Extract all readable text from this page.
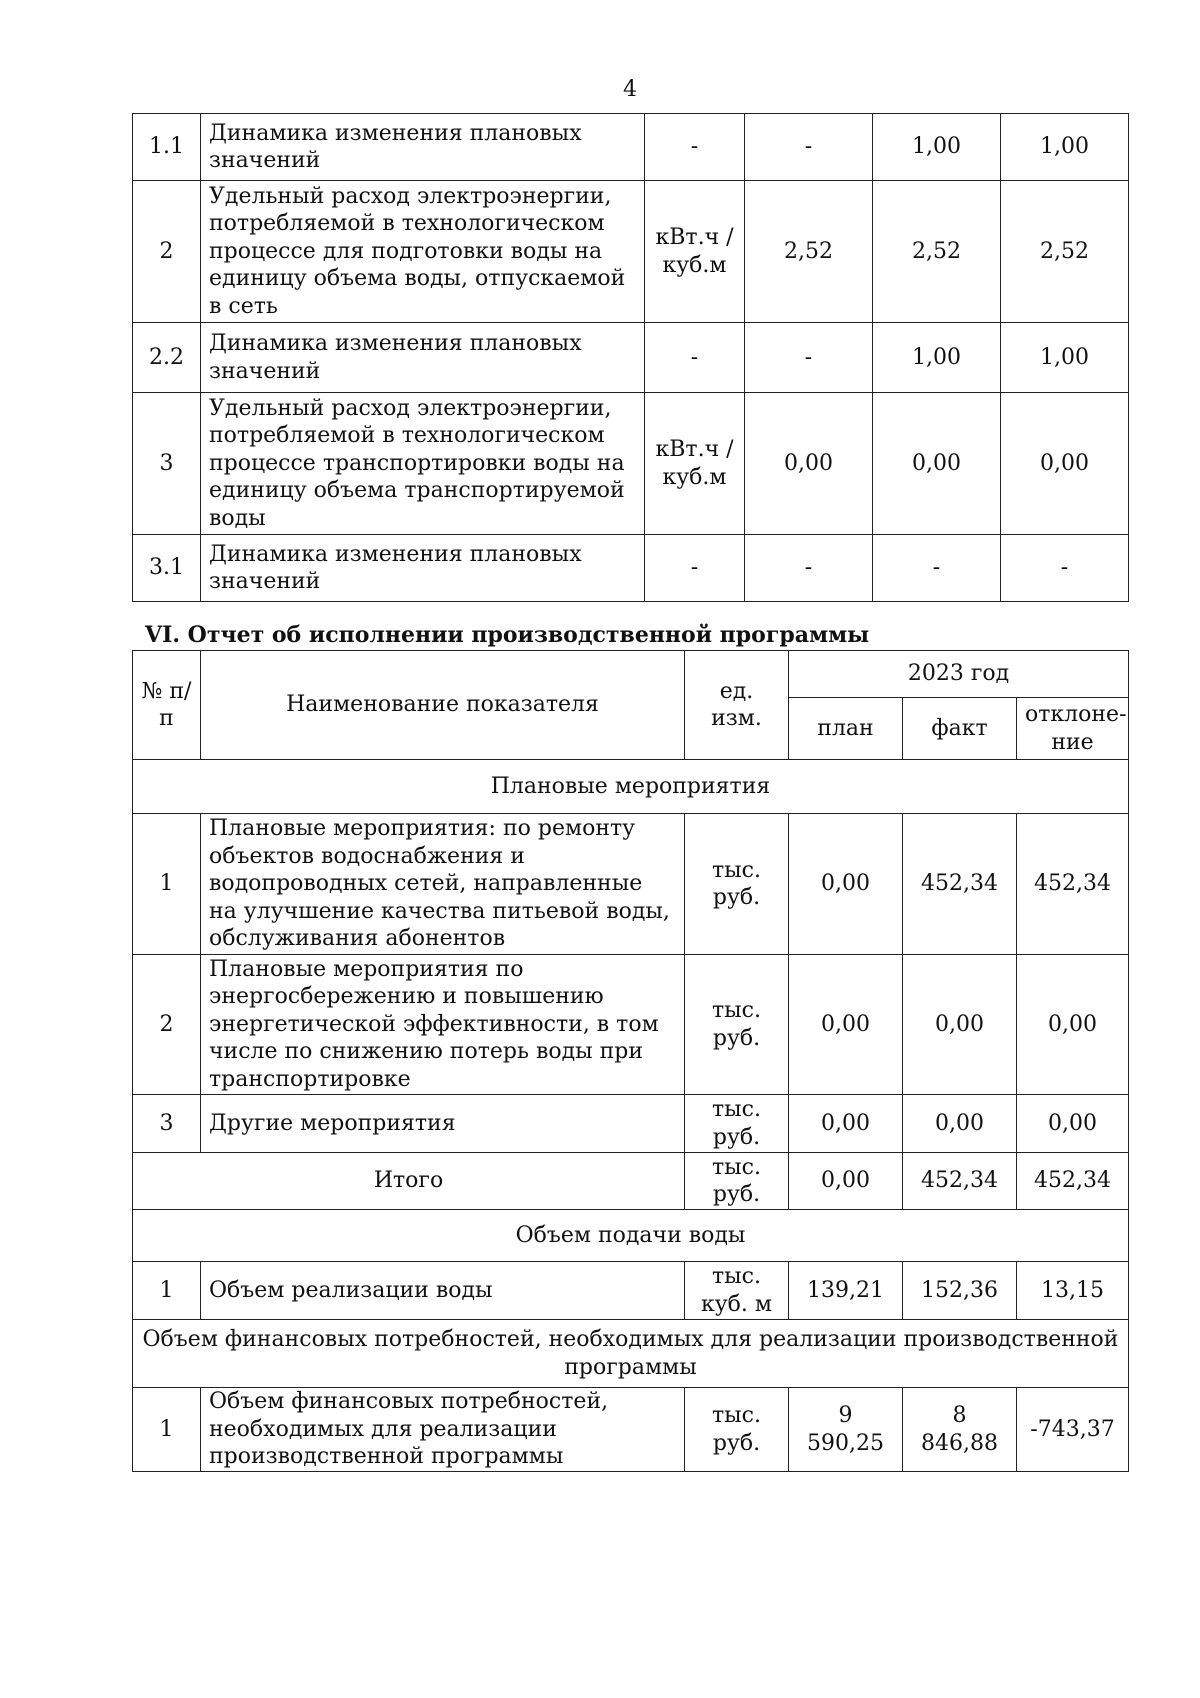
4
1.1	Динамика изменения плановых значений	-	-	1,00	1,00
2	Удельный расход электроэнергии, потребляемой в технологическом процессе для подготовки воды на единицу объема воды, отпускаемой в сеть	кВт.ч / куб.м	2,52	2,52	2,52
2.2	Динамика изменения плановых значений	-	-	1,00	1,00
3	Удельный расход электроэнергии, потребляемой в технологическом процессе транспортировки воды на единицу объема транспортируемой воды	кВт.ч / куб.м	0,00	0,00	0,00
3.1	Динамика изменения плановых значений	-	-	-	-
VI. Отчет об исполнении производственной программы
№ п/п	Наименование показателя	ед. изм.	2023 год		
			план	факт	отклоне-ние
Плановые мероприятия					
1	Плановые мероприятия: по ремонту объектов водоснабжения и водопроводных сетей, направленные на улучшение качества питьевой воды, обслуживания абонентов	тыс. руб.	0,00	452,34	452,34
2	Плановые мероприятия по энергосбережению и повышению энергетической эффективности, в том числе по снижению потерь воды при транспортировке	тыс. руб.	0,00	0,00	0,00
3	Другие мероприятия	тыс. руб.	0,00	0,00	0,00
Итого		тыс. руб.	0,00	452,34	452,34
Объем подачи воды					
1	Объем реализации воды	тыс. куб. м	139,21	152,36	13,15
Объем финансовых потребностей, необходимых для реализации производственной программы					
1	Объем финансовых потребностей, необходимых для реализации производственной программы	тыс. руб.	9 590,25	8 846,88	-743,37
